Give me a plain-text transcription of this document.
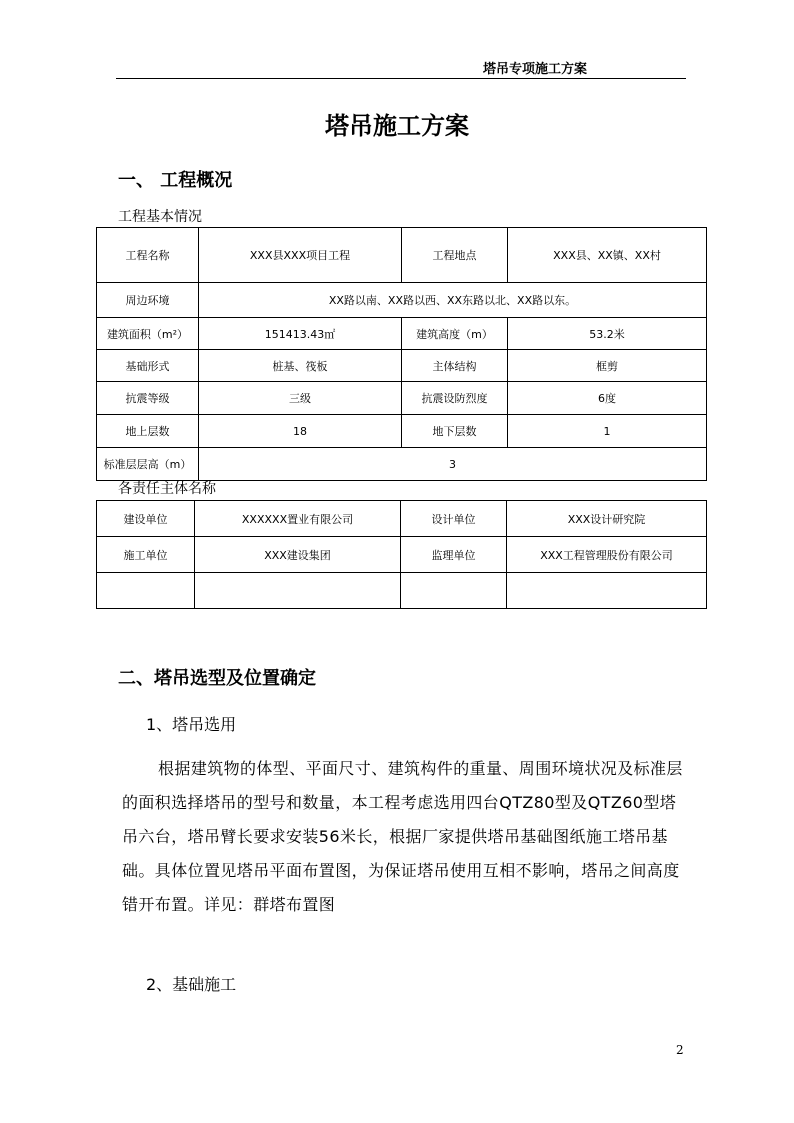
塔吊专项施工方案
塔吊施工方案
一、 工程概况
工程基本情况
工程名称	XXX县XXX项目工程	工程地点	XXX县、XX镇、XX村
周边环境	XX路以南、XX路以西、XX东路以北、XX路以东。		
建筑面积（m²）	151413.43㎡	建筑高度（m）	53.2米
基础形式	桩基、筏板	主体结构	框剪
抗震等级	三级	抗震设防烈度	6度
地上层数	18	地下层数	1
标准层层高（m）	3		
各责任主体名称
建设单位	XXXXXX置业有限公司	设计单位	XXX设计研究院
施工单位	XXX建设集团	监理单位	XXX工程管理股份有限公司

二、塔吊选型及位置确定
1、塔吊选用

根据建筑物的体型、平面尺寸、建筑构件的重量、周围环境状况及标准层的面积选择塔吊的型号和数量，本工程考虑选用四台QTZ80型及QTZ60型塔吊六台，塔吊臂长要求安装56米长，根据厂家提供塔吊基础图纸施工塔吊基础。具体位置见塔吊平面布置图，为保证塔吊使用互相不影响，塔吊之间高度错开布置。详见：群塔布置图

2、基础施工
2
